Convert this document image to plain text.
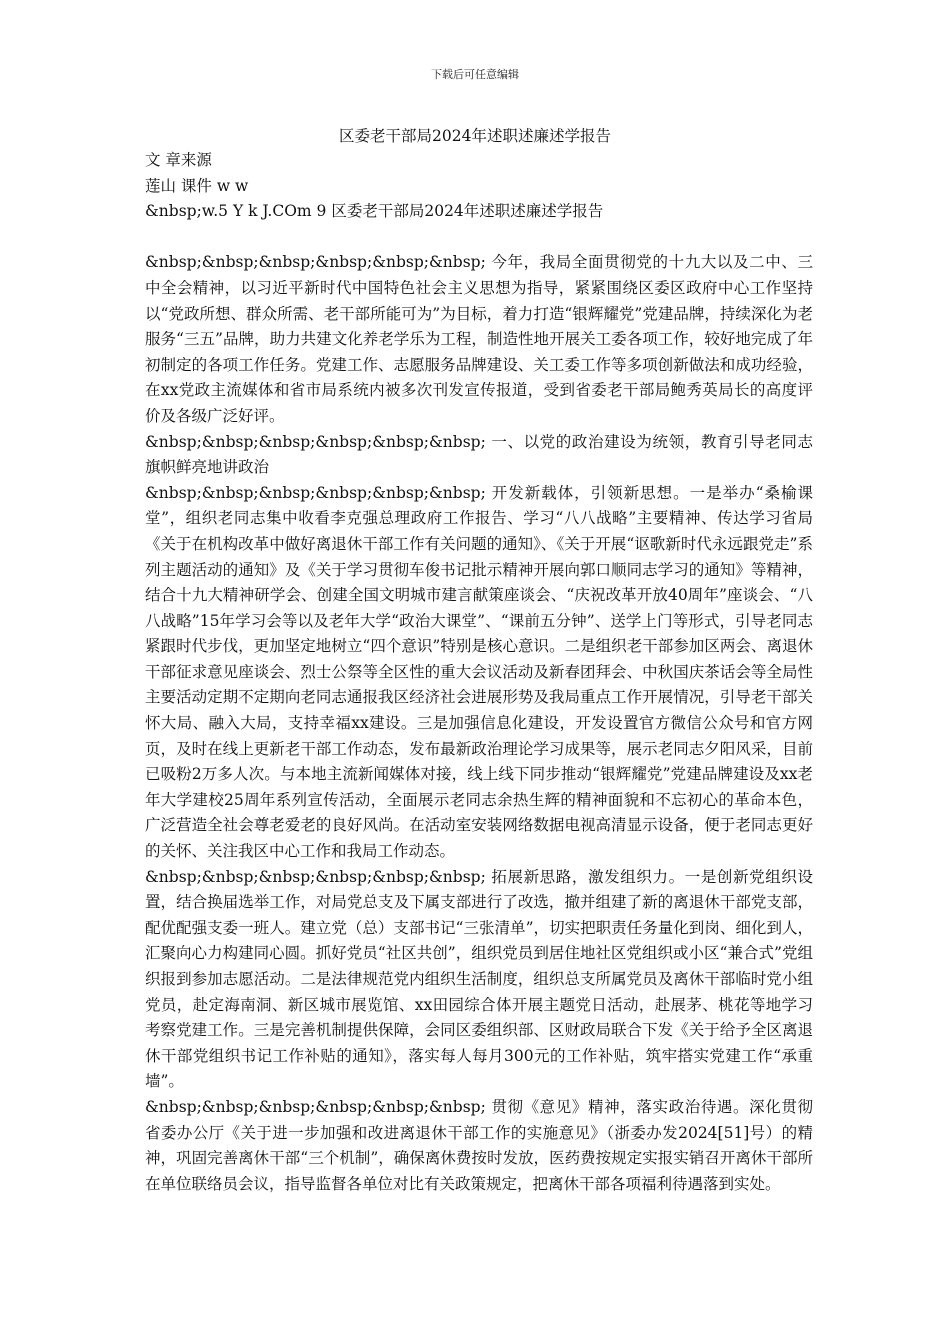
下载后可任意编辑
区委老干部局2024年述职述廉述学报告

文 章来源

莲山 课件 w w

&nbsp;w.5 Y k J.COm 9 区委老干部局2024年述职述廉述学报告

&nbsp;&nbsp;&nbsp;&nbsp;&nbsp;&nbsp; 今年，我局全面贯彻党的十九大以及二中、三中全会精神，以习近平新时代中国特色社会主义思想为指导，紧紧围绕区委区政府中心工作坚持以“党政所想、群众所需、老干部所能可为”为目标，着力打造“银辉耀党”党建品牌，持续深化为老服务“三五”品牌，助力共建文化养老学乐为工程，制造性地开展关工委各项工作，较好地完成了年初制定的各项工作任务。党建工作、志愿服务品牌建设、关工委工作等多项创新做法和成功经验，在xx党政主流媒体和省市局系统内被多次刊发宣传报道，受到省委老干部局鲍秀英局长的高度评价及各级广泛好评。

&nbsp;&nbsp;&nbsp;&nbsp;&nbsp;&nbsp; 一、以党的政治建设为统领，教育引导老同志旗帜鲜亮地讲政治

&nbsp;&nbsp;&nbsp;&nbsp;&nbsp;&nbsp; 开发新载体，引领新思想。一是举办“桑榆课堂”，组织老同志集中收看李克强总理政府工作报告、学习“八八战略”主要精神、传达学习省局《关于在机构改革中做好离退休干部工作有关问题的通知》、《关于开展“讴歌新时代永远跟党走”系列主题活动的通知》及《关于学习贯彻车俊书记批示精神开展向郭口顺同志学习的通知》等精神，结合十九大精神研学会、创建全国文明城市建言献策座谈会、“庆祝改革开放40周年”座谈会、“八八战略”15年学习会等以及老年大学“政治大课堂”、“课前五分钟”、送学上门等形式，引导老同志紧跟时代步伐，更加坚定地树立“四个意识”特别是核心意识。二是组织老干部参加区两会、离退休干部征求意见座谈会、烈士公祭等全区性的重大会议活动及新春团拜会、中秋国庆茶话会等全局性主要活动定期不定期向老同志通报我区经济社会进展形势及我局重点工作开展情况，引导老干部关怀大局、融入大局，支持幸福xx建设。三是加强信息化建设，开发设置官方微信公众号和官方网页，及时在线上更新老干部工作动态，发布最新政治理论学习成果等，展示老同志夕阳风采，目前已吸粉2万多人次。与本地主流新闻媒体对接，线上线下同步推动“银辉耀党”党建品牌建设及xx老年大学建校25周年系列宣传活动，全面展示老同志余热生辉的精神面貌和不忘初心的革命本色，广泛营造全社会尊老爱老的良好风尚。在活动室安装网络数据电视高清显示设备，便于老同志更好的关怀、关注我区中心工作和我局工作动态。

&nbsp;&nbsp;&nbsp;&nbsp;&nbsp;&nbsp; 拓展新思路，激发组织力。一是创新党组织设置，结合换届选举工作，对局党总支及下属支部进行了改选，撤并组建了新的离退休干部党支部，配优配强支委一班人。建立党（总）支部书记“三张清单”，切实把职责任务量化到岗、细化到人，汇聚向心力构建同心圆。抓好党员“社区共创”，组织党员到居住地社区党组织或小区“兼合式”党组织报到参加志愿活动。二是法律规范党内组织生活制度，组织总支所属党员及离休干部临时党小组党员，赴定海南洞、新区城市展览馆、xx田园综合体开展主题党日活动，赴展茅、桃花等地学习考察党建工作。三是完善机制提供保障，会同区委组织部、区财政局联合下发《关于给予全区离退休干部党组织书记工作补贴的通知》，落实每人每月300元的工作补贴，筑牢搭实党建工作“承重墙”。

&nbsp;&nbsp;&nbsp;&nbsp;&nbsp;&nbsp; 贯彻《意见》精神，落实政治待遇。深化贯彻省委办公厅《关于进一步加强和改进离退休干部工作的实施意见》（浙委办发2024[51]号）的精神，巩固完善离休干部“三个机制”，确保离休费按时发放，医药费按规定实报实销召开离休干部所在单位联络员会议，指导监督各单位对比有关政策规定，把离休干部各项福利待遇落到实处。
